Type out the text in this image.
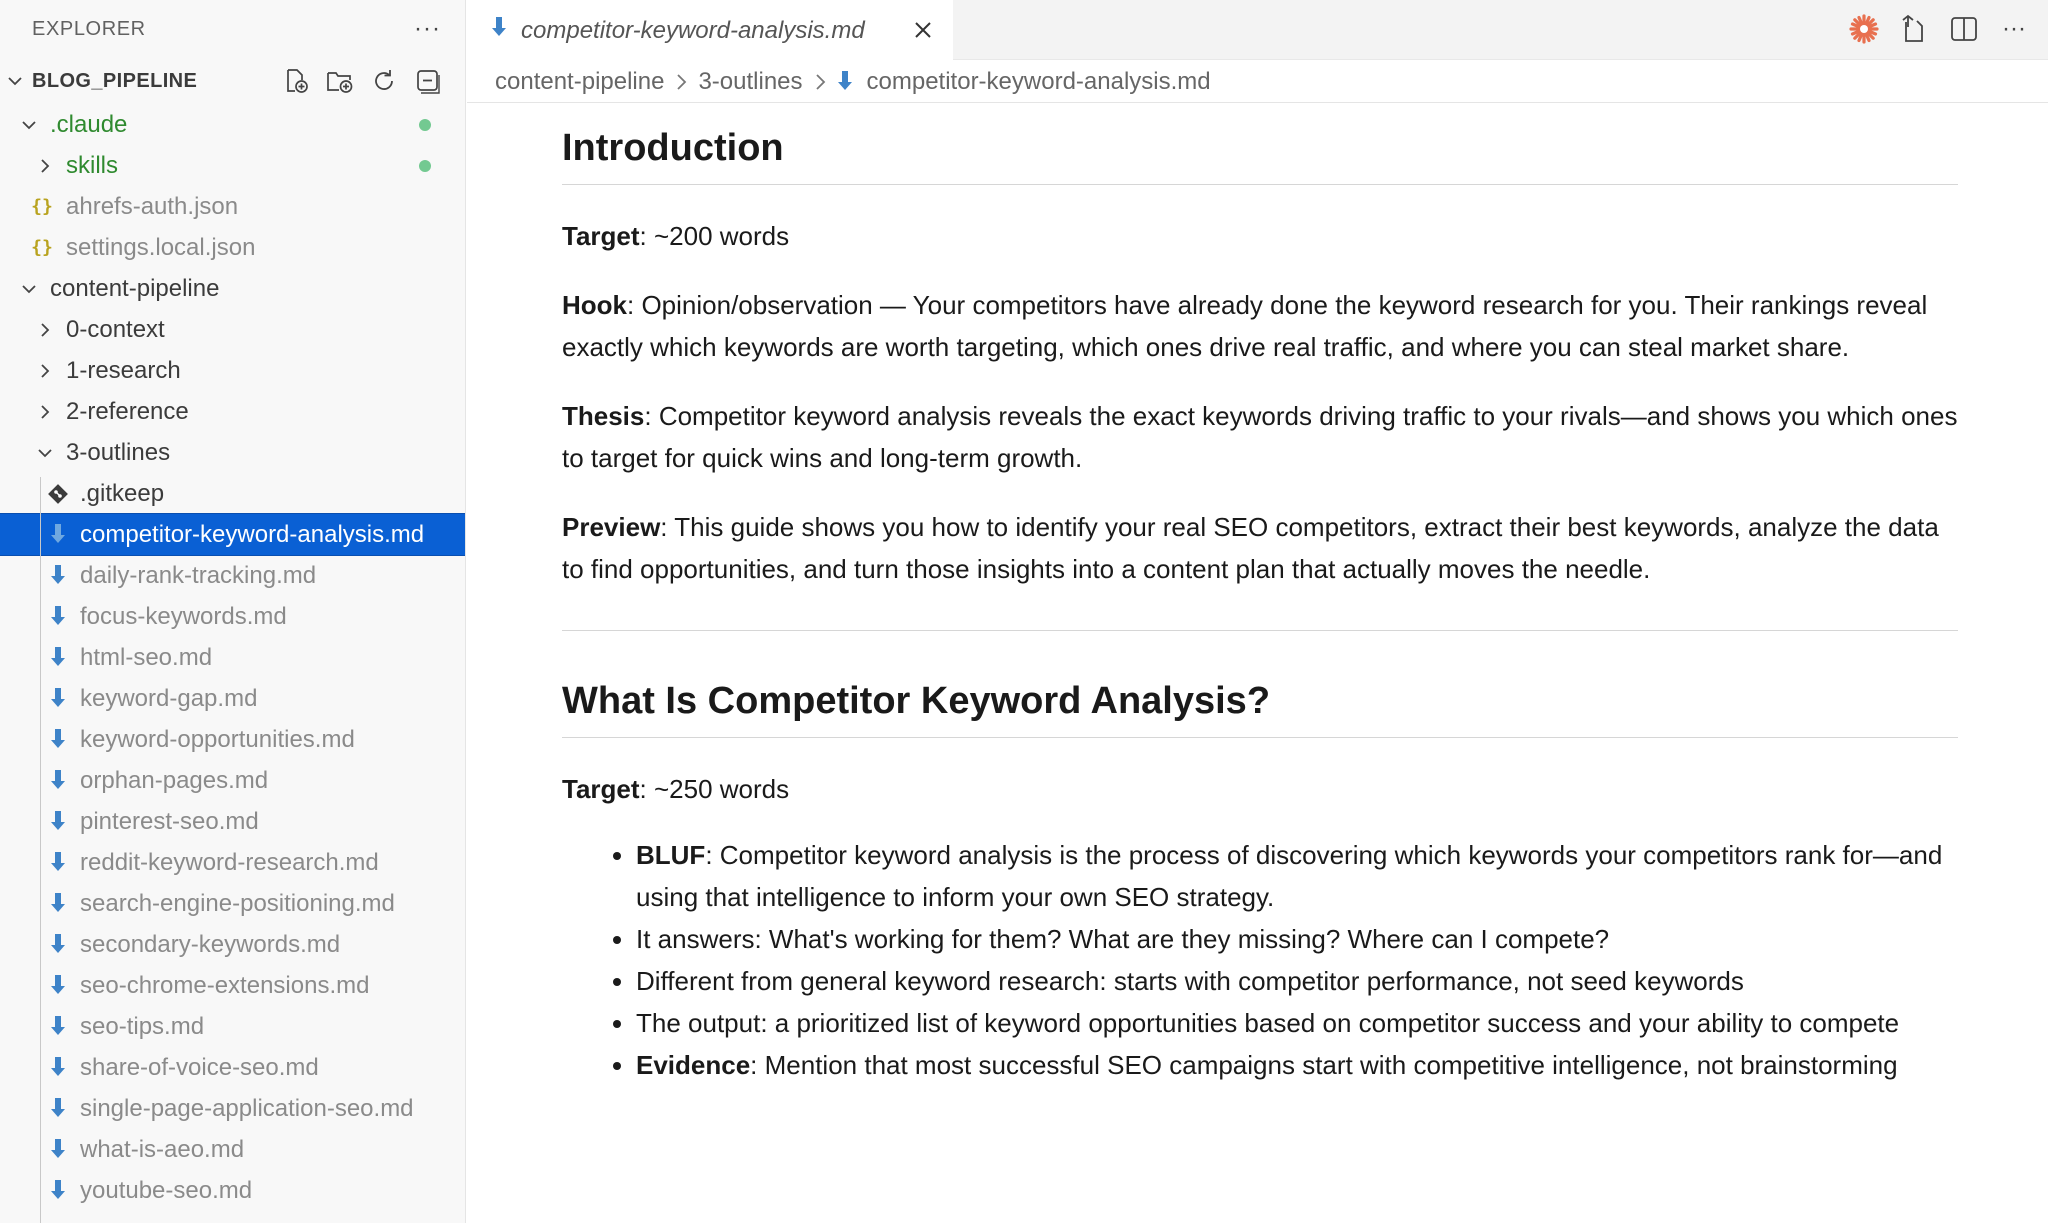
EXPLORER	···
BLOG_PIPELINE
.claude
skills
{} ahrefs-auth.json
{} settings.local.json
content-pipeline
0-context
1-research
2-reference
3-outlines
.gitkeep
competitor-keyword-analysis.md
daily-rank-tracking.md
focus-keywords.md
html-seo.md
keyword-gap.md
keyword-opportunities.md
orphan-pages.md
pinterest-seo.md
reddit-keyword-research.md
search-engine-positioning.md
secondary-keywords.md
seo-chrome-extensions.md
seo-tips.md
share-of-voice-seo.md
single-page-application-seo.md
what-is-aeo.md
youtube-seo.md
competitor-keyword-analysis.md	···
content-pipeline 3-outlines	competitor-keyword-analysis.md
Introduction

Target: ~200 words

Hook: Opinion/observation — Your competitors have already done the keyword research for you. Their rankings reveal exactly which keywords are worth targeting, which ones drive real traffic, and where you can steal market share.

Thesis: Competitor keyword analysis reveals the exact keywords driving traffic to your rivals—and shows you which ones to target for quick wins and long-term growth.

Preview: This guide shows you how to identify your real SEO competitors, extract their best keywords, analyze the data to find opportunities, and turn those insights into a content plan that actually moves the needle.

What Is Competitor Keyword Analysis?

Target: ~250 words

• BLUF: Competitor keyword analysis is the process of discovering which keywords your competitors rank for—and using that intelligence to inform your own SEO strategy.
• It answers: What's working for them? What are they missing? Where can I compete?
• Different from general keyword research: starts with competitor performance, not seed keywords
• The output: a prioritized list of keyword opportunities based on competitor success and your ability to compete
• Evidence: Mention that most successful SEO campaigns start with competitive intelligence, not brainstorming
